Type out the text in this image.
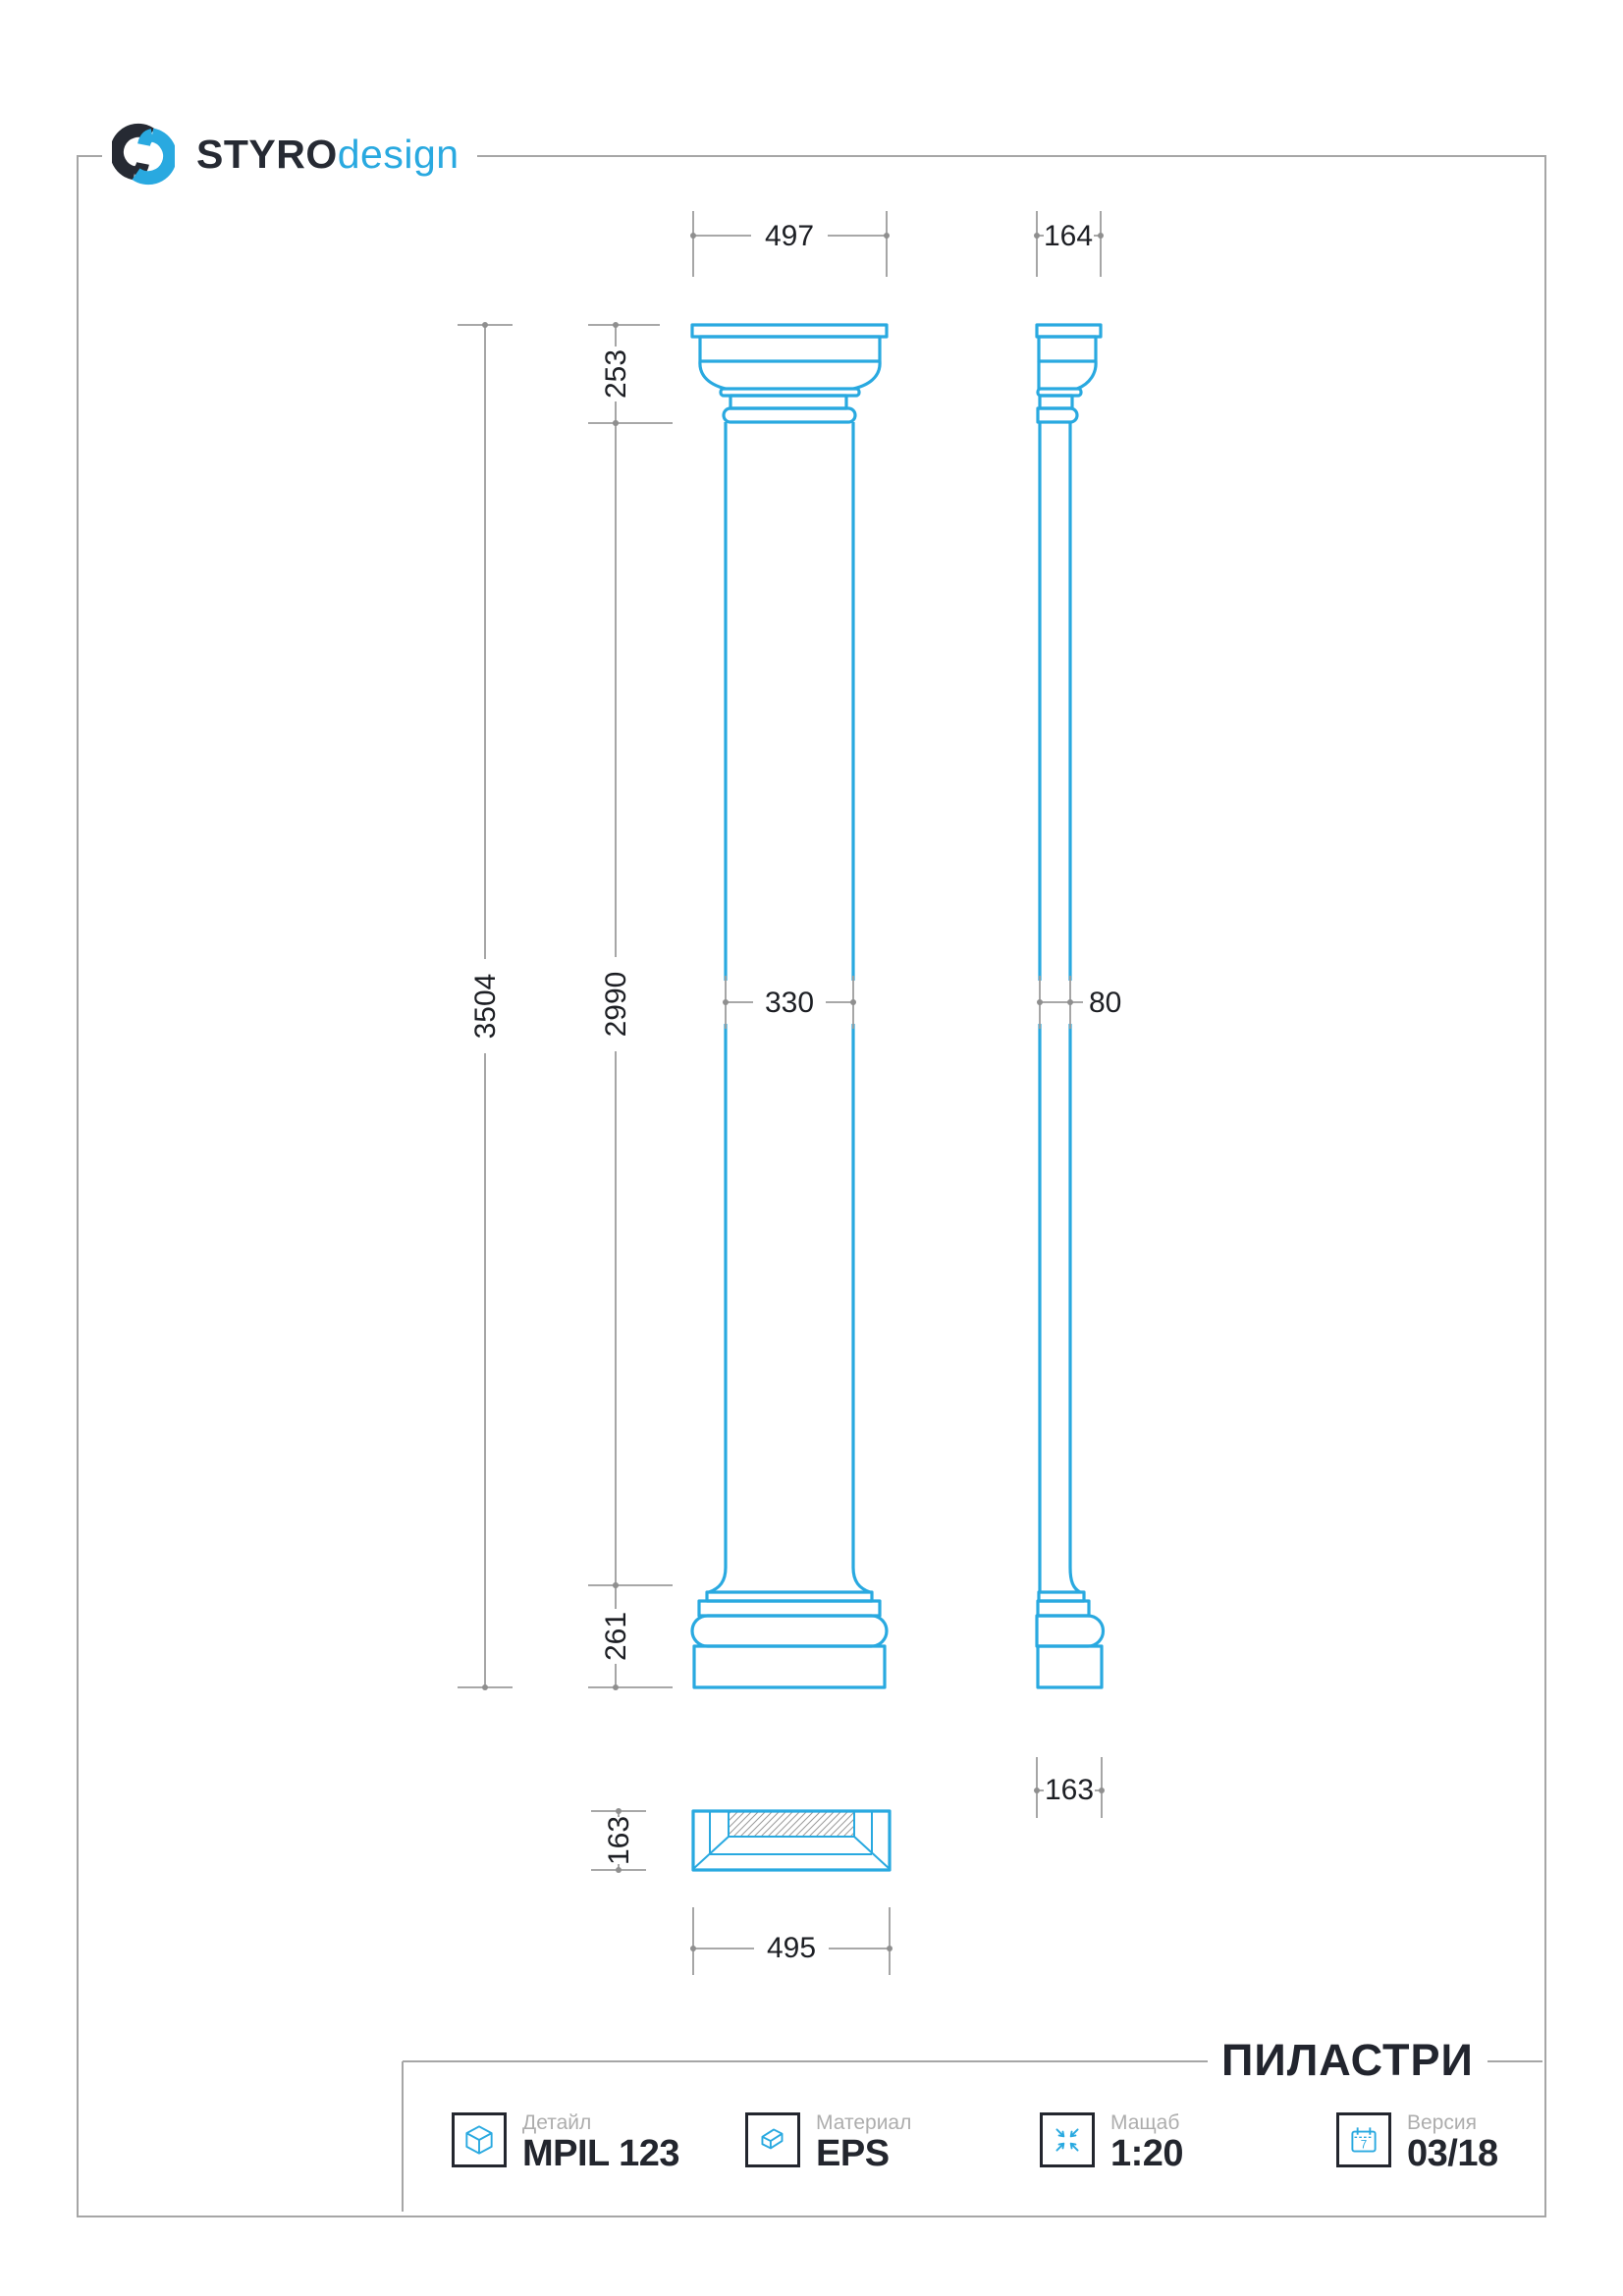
497	164
253
3504	2990
261
330	80
163
163
495
STYROdesign
ПИЛАСТРИ
Детайл
MPIL 123
Материал
EPS
Мащаб
1:20	7
Версия
03/18
